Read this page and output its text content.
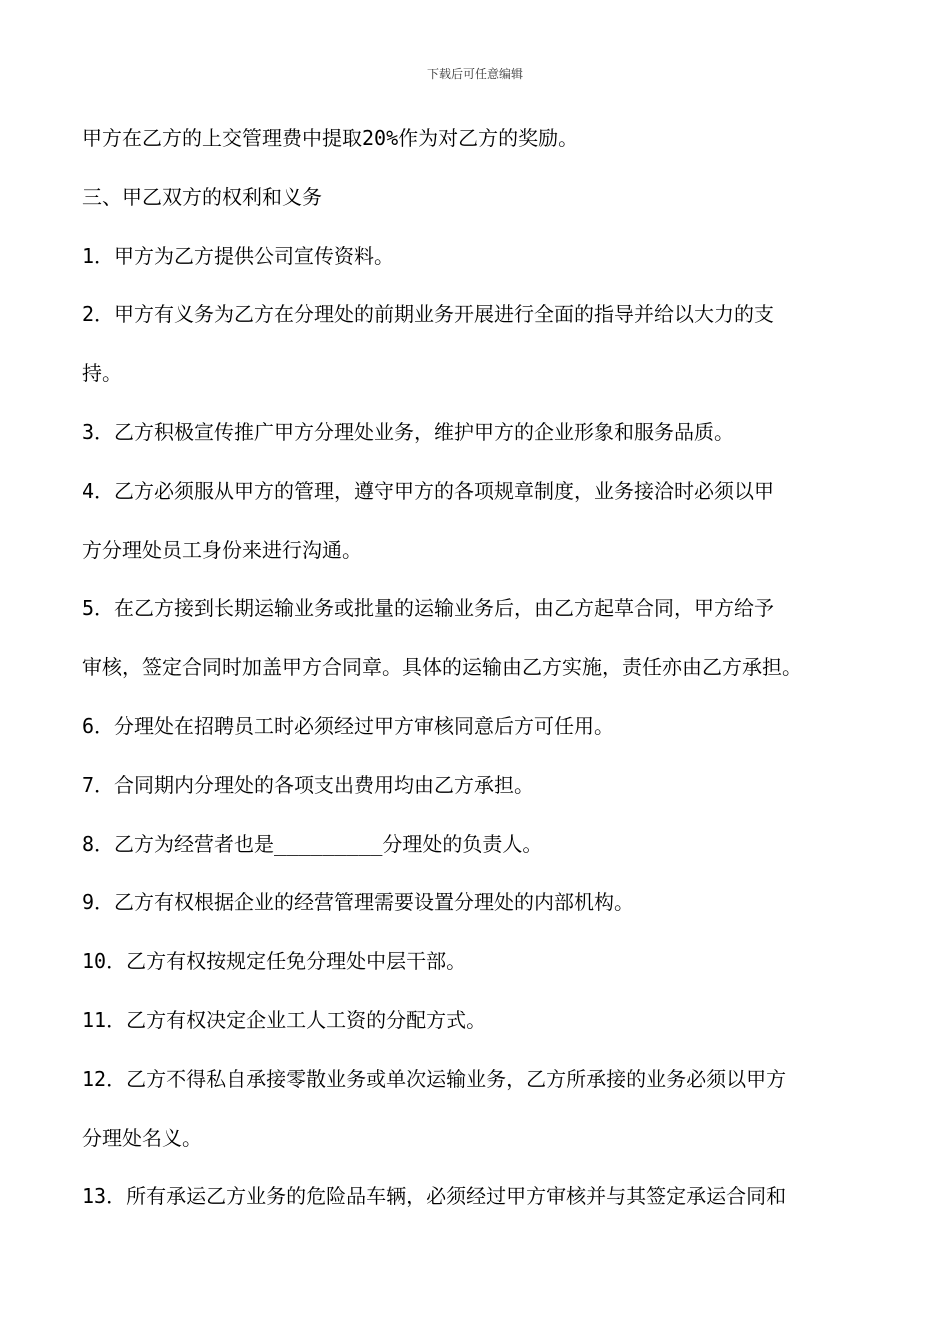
下载后可任意编辑
甲方在乙方的上交管理费中提取20%作为对乙方的奖励。
三、甲乙双方的权利和义务
1．甲方为乙方提供公司宣传资料。
2．甲方有义务为乙方在分理处的前期业务开展进行全面的指导并给以大力的支
持。
3．乙方积极宣传推广甲方分理处业务，维护甲方的企业形象和服务品质。
4．乙方必须服从甲方的管理，遵守甲方的各项规章制度，业务接洽时必须以甲
方分理处员工身份来进行沟通。
5．在乙方接到长期运输业务或批量的运输业务后，由乙方起草合同，甲方给予
审核，签定合同时加盖甲方合同章。具体的运输由乙方实施，责任亦由乙方承担。
6．分理处在招聘员工时必须经过甲方审核同意后方可任用。
7．合同期内分理处的各项支出费用均由乙方承担。
8．乙方为经营者也是_________分理处的负责人。
9．乙方有权根据企业的经营管理需要设置分理处的内部机构。
10．乙方有权按规定任免分理处中层干部。
11．乙方有权决定企业工人工资的分配方式。
12．乙方不得私自承接零散业务或单次运输业务，乙方所承接的业务必须以甲方
分理处名义。
13．所有承运乙方业务的危险品车辆，必须经过甲方审核并与其签定承运合同和
